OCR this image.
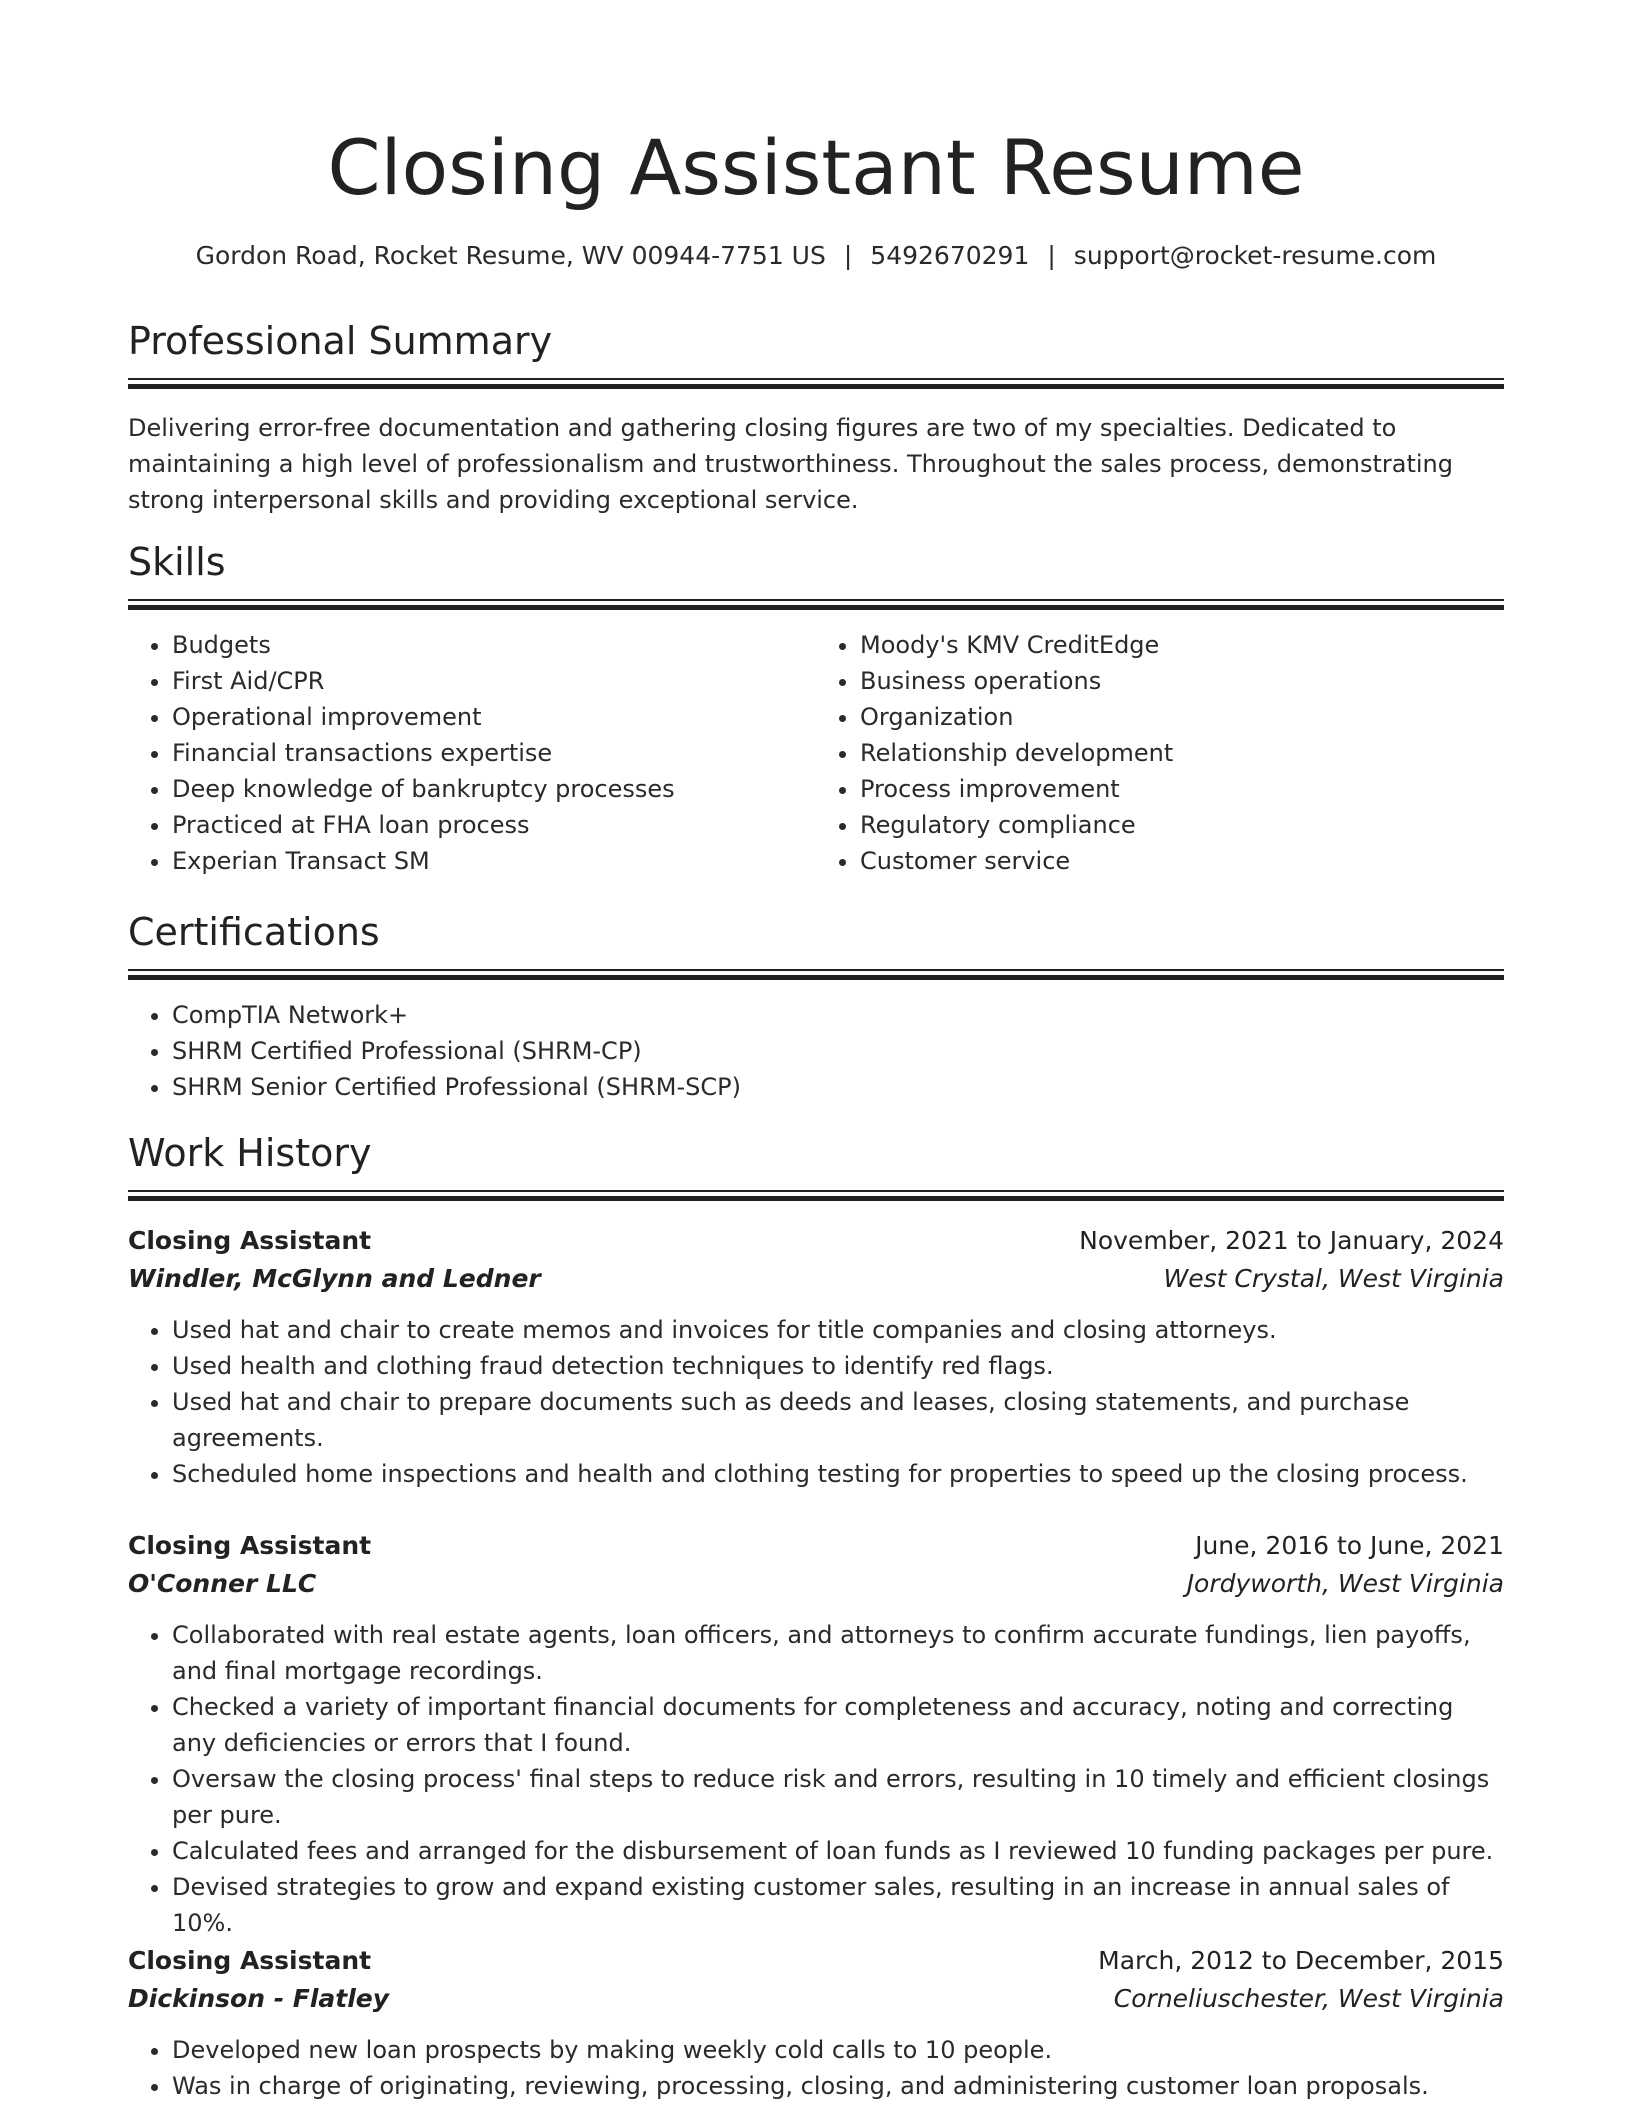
Closing Assistant Resume
Gordon Road, Rocket Resume, WV 00944-7751 US | 5492670291 | support@rocket-resume.com
Professional Summary

Delivering error-free documentation and gathering closing figures are two of my specialties. Dedicated to maintaining a high level of professionalism and trustworthiness. Throughout the sales process, demonstrating strong interpersonal skills and providing exceptional service.

Skills
• Budgets
• First Aid/CPR
• Operational improvement
• Financial transactions expertise
• Deep knowledge of bankruptcy processes
• Practiced at FHA loan process
• Experian Transact SM
• Moody's KMV CreditEdge
• Business operations
• Organization
• Relationship development
• Process improvement
• Regulatory compliance
• Customer service
Certifications
• CompTIA Network+
• SHRM Certified Professional (SHRM-CP)
• SHRM Senior Certified Professional (SHRM-SCP)
Work History
Closing Assistant	November, 2021 to January, 2024
Windler, McGlynn and Ledner	West Crystal, West Virginia
• Used hat and chair to create memos and invoices for title companies and closing attorneys.
• Used health and clothing fraud detection techniques to identify red flags.
• Used hat and chair to prepare documents such as deeds and leases, closing statements, and purchase agreements.
• Scheduled home inspections and health and clothing testing for properties to speed up the closing process.
Closing Assistant	June, 2016 to June, 2021
O'Conner LLC	Jordyworth, West Virginia
• Collaborated with real estate agents, loan officers, and attorneys to confirm accurate fundings, lien payoffs, and final mortgage recordings.
• Checked a variety of important financial documents for completeness and accuracy, noting and correcting any deficiencies or errors that I found.
• Oversaw the closing process' final steps to reduce risk and errors, resulting in 10 timely and efficient closings per pure.
• Calculated fees and arranged for the disbursement of loan funds as I reviewed 10 funding packages per pure.
• Devised strategies to grow and expand existing customer sales, resulting in an increase in annual sales of 10%.
Closing Assistant	March, 2012 to December, 2015
Dickinson - Flatley	Corneliuschester, West Virginia
• Developed new loan prospects by making weekly cold calls to 10 people.
• Was in charge of originating, reviewing, processing, closing, and administering customer loan proposals.
